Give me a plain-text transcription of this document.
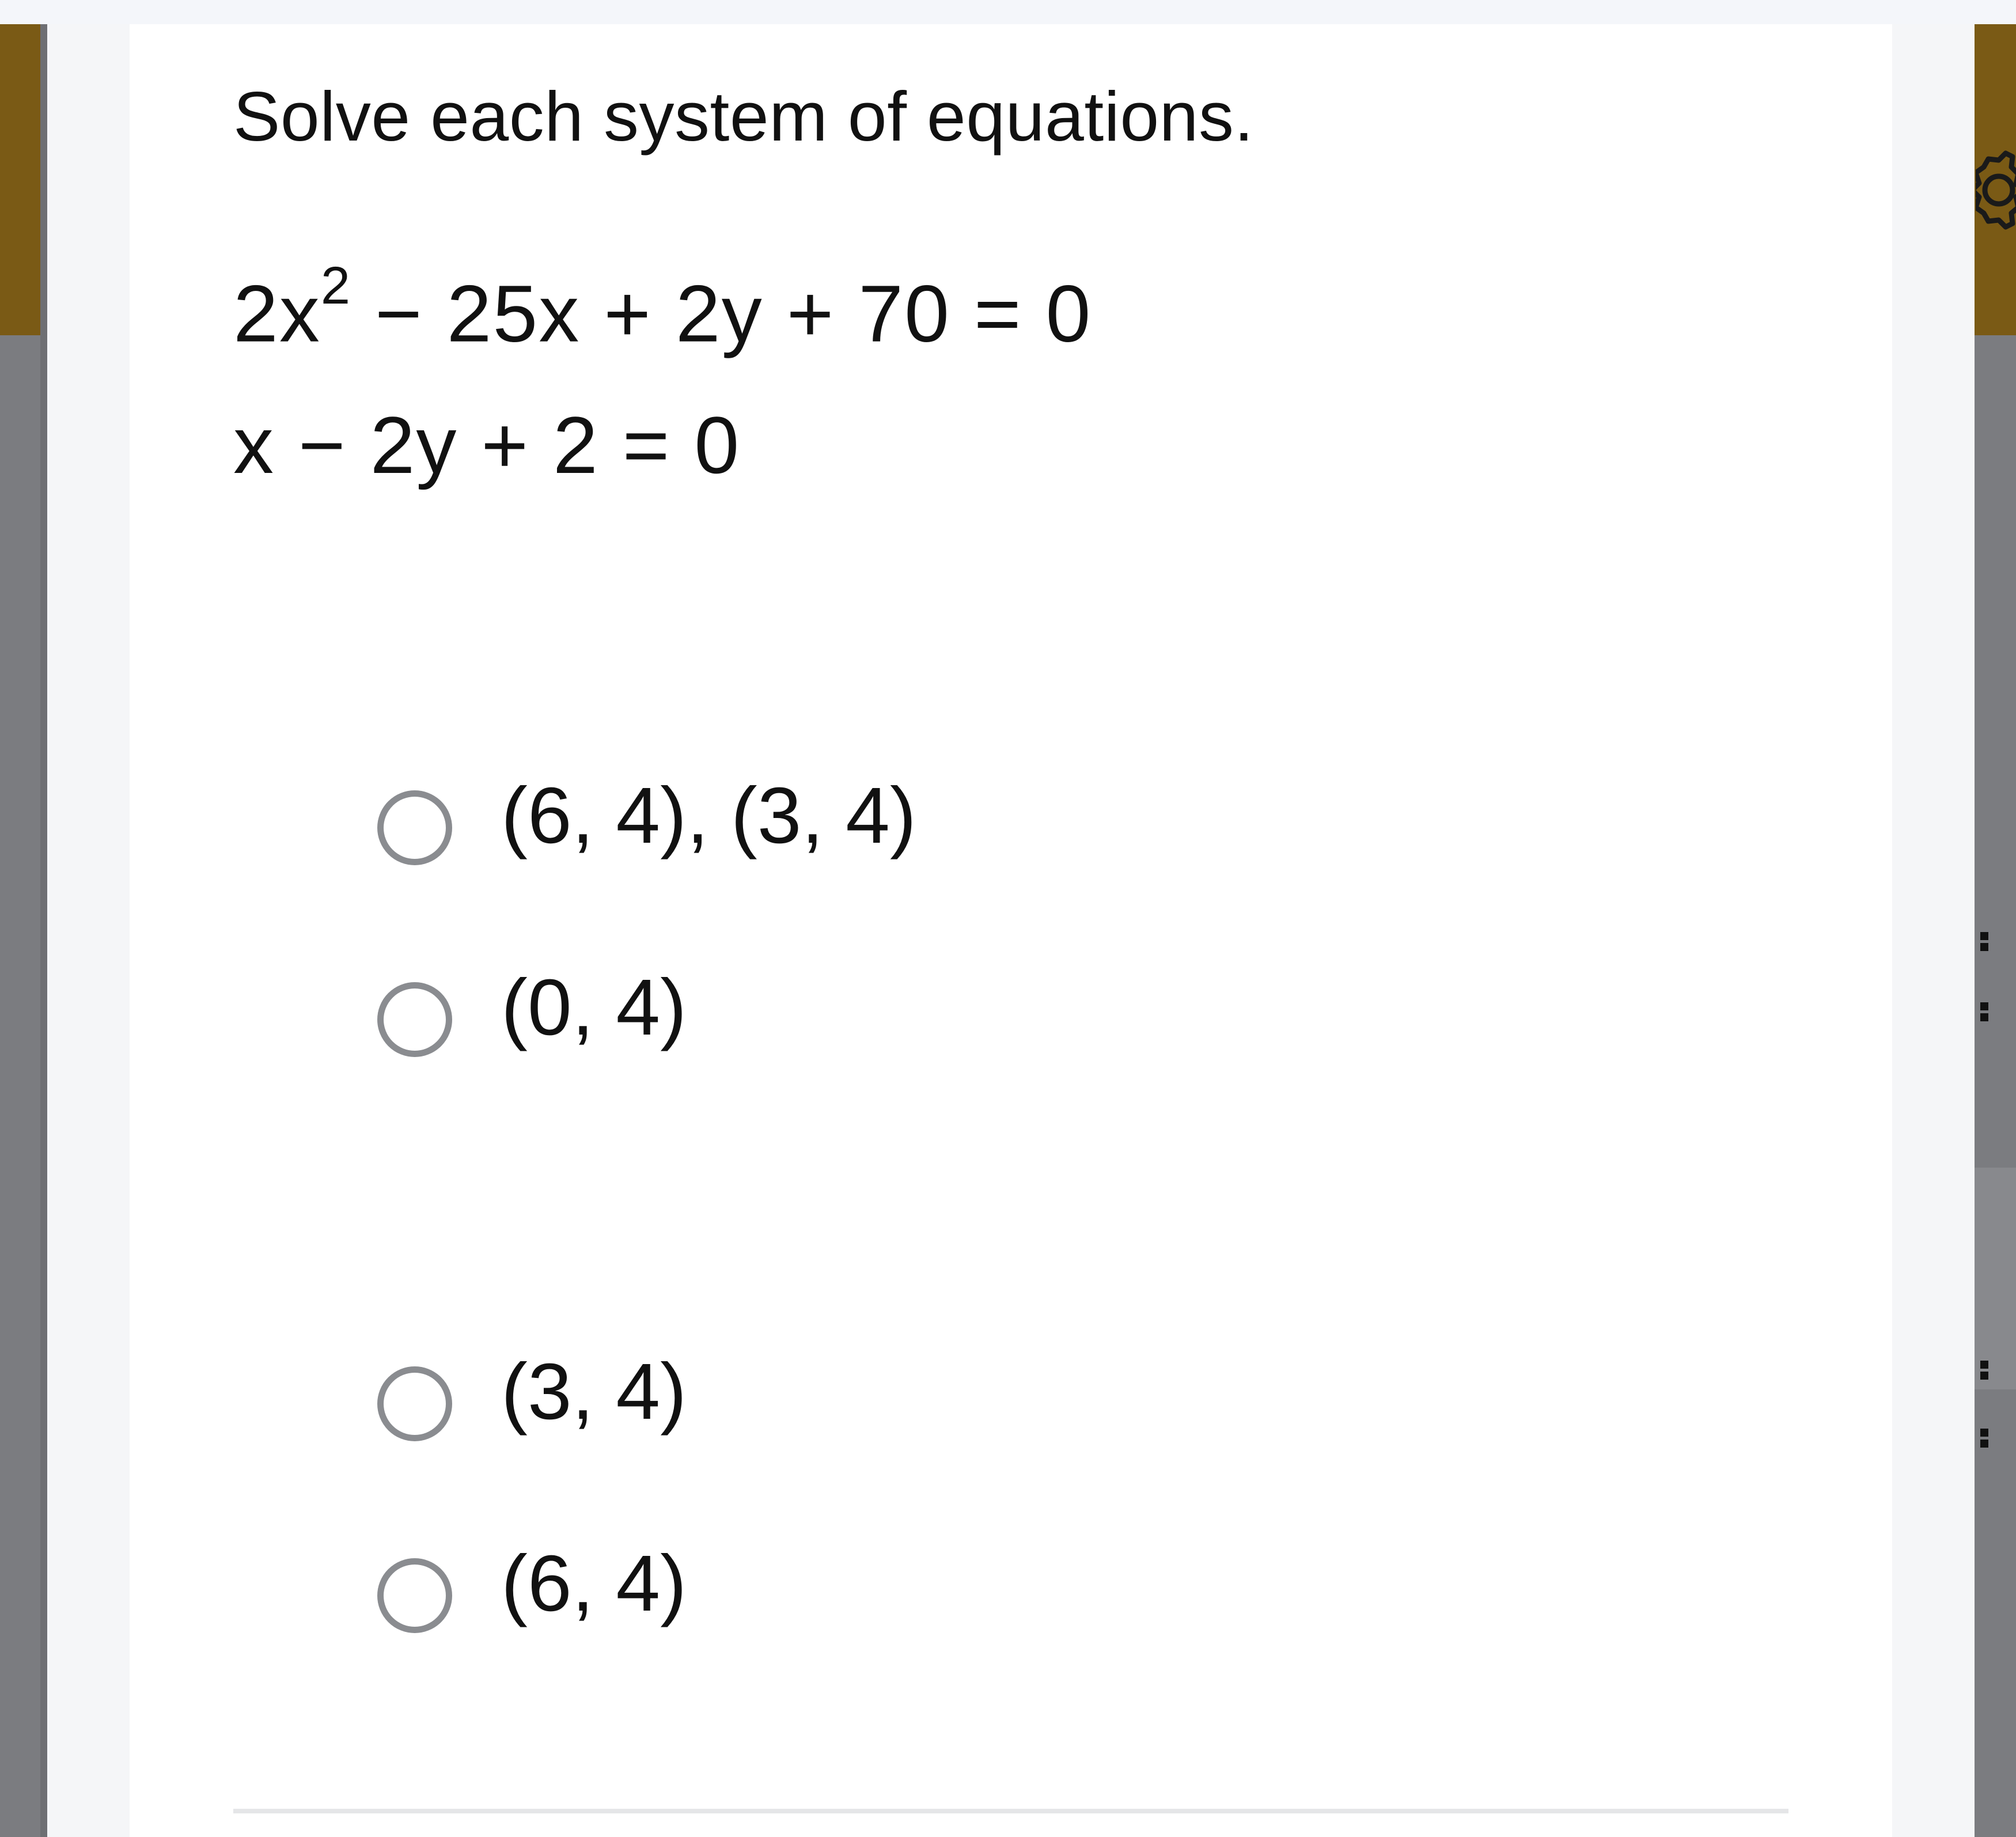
Solve each system of equations.
$2x^2 - 25x + 2y + 70 = 0$
x − 2y + 2 = 0
(6, 4), (3, 4)
(0, 4)
(3, 4)
(6, 4)
